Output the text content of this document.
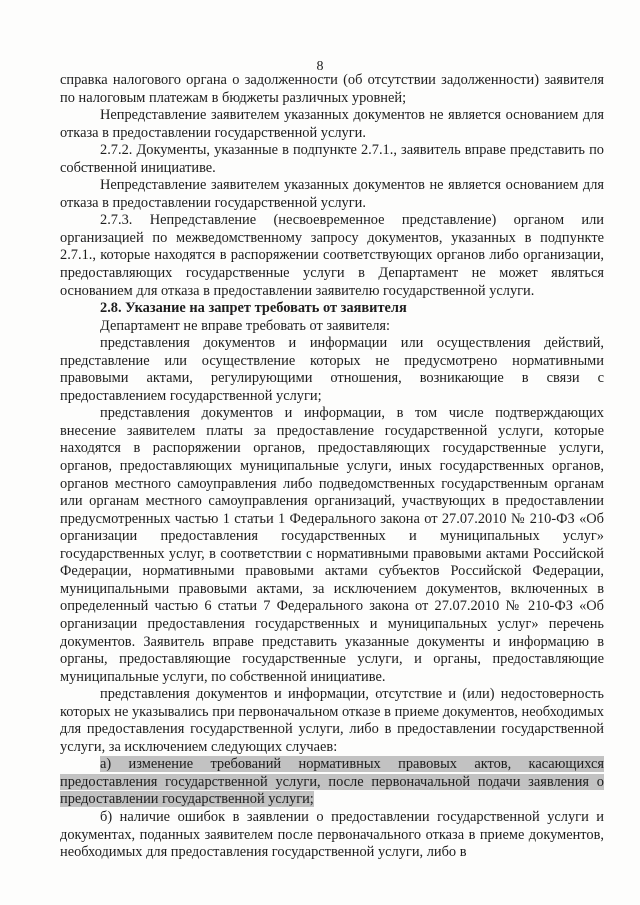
8

справка налогового органа о задолженности (об отсутствии задолженности) заявителя по налоговым платежам в бюджеты различных уровней;

Непредставление заявителем указанных документов не является основанием для отказа в предоставлении государственной услуги.

2.7.2. Документы, указанные в подпункте 2.7.1., заявитель вправе представить по собственной инициативе.

Непредставление заявителем указанных документов не является основанием для отказа в предоставлении государственной услуги.

2.7.3. Непредставление (несвоевременное представление) органом или организацией по межведомственному запросу документов, указанных в подпункте 2.7.1., которые находятся в распоряжении соответствующих органов либо организации, предоставляющих государственные услуги в Департамент не может являться основанием для отказа в предоставлении заявителю государственной услуги.

2.8. Указание на запрет требовать от заявителя

Департамент не вправе требовать от заявителя:

представления документов и информации или осуществления действий, представление или осуществление которых не предусмотрено нормативными правовыми актами, регулирующими отношения, возникающие в связи с предоставлением государственной услуги;

представления документов и информации, в том числе подтверждающих внесение заявителем платы за предоставление государственной услуги, которые находятся в распоряжении органов, предоставляющих государственные услуги, органов, предоставляющих муниципальные услуги, иных государственных органов, органов местного самоуправления либо подведомственных государственным органам или органам местного самоуправления организаций, участвующих в предоставлении предусмотренных частью 1 статьи 1 Федерального закона от 27.07.2010 № 210-ФЗ «Об организации предоставления государственных и муниципальных услуг» государственных услуг, в соответствии с нормативными правовыми актами Российской Федерации, нормативными правовыми актами субъектов Российской Федерации, муниципальными правовыми актами, за исключением документов, включенных в определенный частью 6 статьи 7 Федерального закона от 27.07.2010 № 210-ФЗ «Об организации предоставления государственных и муниципальных услуг» перечень документов. Заявитель вправе представить указанные документы и информацию в органы, предоставляющие государственные услуги, и органы, предоставляющие муниципальные услуги, по собственной инициативе.

представления документов и информации, отсутствие и (или) недостоверность которых не указывались при первоначальном отказе в приеме документов, необходимых для предоставления государственной услуги, либо в предоставлении государственной услуги, за исключением следующих случаев:

а) изменение требований нормативных правовых актов, касающихся предоставления государственной услуги, после первоначальной подачи заявления о предоставлении государственной услуги;

б) наличие ошибок в заявлении о предоставлении государственной услуги и документах, поданных заявителем после первоначального отказа в приеме документов, необходимых для предоставления государственной услуги, либо в
